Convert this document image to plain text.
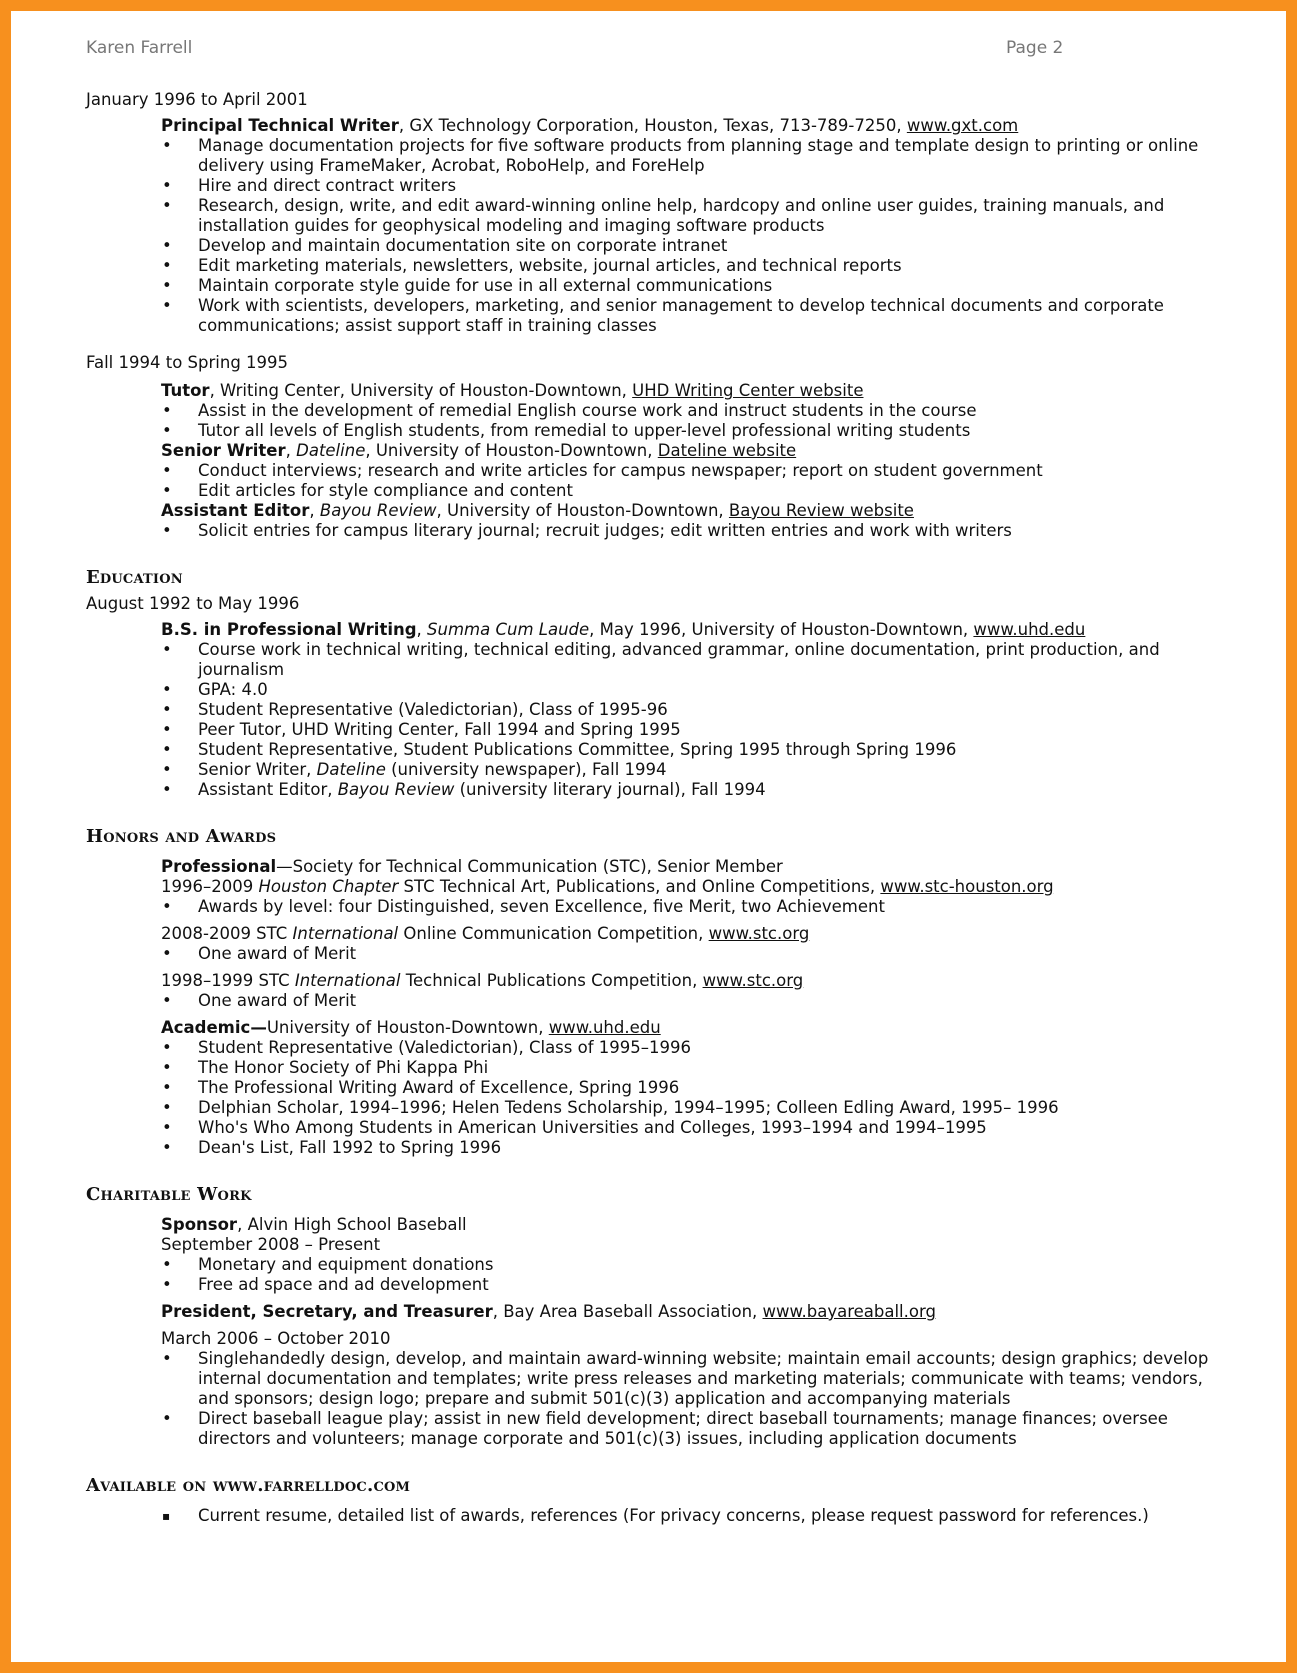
Karen Farrell	Page 2
January 1996 to April 2001
Principal Technical Writer, GX Technology Corporation, Houston, Texas, 713-789-7250, www.gxt.com
• Manage documentation projects for five software products from planning stage and template design to printing or online delivery using FrameMaker, Acrobat, RoboHelp, and ForeHelp
• Hire and direct contract writers
• Research, design, write, and edit award-winning online help, hardcopy and online user guides, training manuals, and installation guides for geophysical modeling and imaging software products
• Develop and maintain documentation site on corporate intranet
• Edit marketing materials, newsletters, website, journal articles, and technical reports
• Maintain corporate style guide for use in all external communications
• Work with scientists, developers, marketing, and senior management to develop technical documents and corporate communications; assist support staff in training classes
Fall 1994 to Spring 1995
Tutor, Writing Center, University of Houston-Downtown, UHD Writing Center website
• Assist in the development of remedial English course work and instruct students in the course
• Tutor all levels of English students, from remedial to upper-level professional writing students
Senior Writer, Dateline, University of Houston-Downtown, Dateline website
• Conduct interviews; research and write articles for campus newspaper; report on student government
• Edit articles for style compliance and content
Assistant Editor, Bayou Review, University of Houston-Downtown, Bayou Review website
• Solicit entries for campus literary journal; recruit judges; edit written entries and work with writers
Education
August 1992 to May 1996
B.S. in Professional Writing, Summa Cum Laude, May 1996, University of Houston-Downtown, www.uhd.edu
• Course work in technical writing, technical editing, advanced grammar, online documentation, print production, and journalism
• GPA: 4.0
• Student Representative (Valedictorian), Class of 1995-96
• Peer Tutor, UHD Writing Center, Fall 1994 and Spring 1995
• Student Representative, Student Publications Committee, Spring 1995 through Spring 1996
• Senior Writer, Dateline (university newspaper), Fall 1994
• Assistant Editor, Bayou Review (university literary journal), Fall 1994
Honors and Awards
Professional—Society for Technical Communication (STC), Senior Member
1996–2009 Houston Chapter STC Technical Art, Publications, and Online Competitions, www.stc-houston.org
• Awards by level: four Distinguished, seven Excellence, five Merit, two Achievement
2008-2009 STC International Online Communication Competition, www.stc.org
• One award of Merit
1998–1999 STC International Technical Publications Competition, www.stc.org
• One award of Merit
Academic—University of Houston-Downtown, www.uhd.edu
• Student Representative (Valedictorian), Class of 1995–1996
• The Honor Society of Phi Kappa Phi
• The Professional Writing Award of Excellence, Spring 1996
• Delphian Scholar, 1994–1996; Helen Tedens Scholarship, 1994–1995; Colleen Edling Award, 1995– 1996
• Who's Who Among Students in American Universities and Colleges, 1993–1994 and 1994–1995
• Dean's List, Fall 1992 to Spring 1996
Charitable Work
Sponsor, Alvin High School Baseball
September 2008 – Present
• Monetary and equipment donations
• Free ad space and ad development
President, Secretary, and Treasurer, Bay Area Baseball Association, www.bayareaball.org
March 2006 – October 2010
• Singlehandedly design, develop, and maintain award-winning website; maintain email accounts; design graphics; develop internal documentation and templates; write press releases and marketing materials; communicate with teams; vendors, and sponsors; design logo; prepare and submit 501(c)(3) application and accompanying materials
• Direct baseball league play; assist in new field development; direct baseball tournaments; manage finances; oversee directors and volunteers; manage corporate and 501(c)(3) issues, including application documents
Available on www.farrelldoc.com
▪ Current resume, detailed list of awards, references (For privacy concerns, please request password for references.)
